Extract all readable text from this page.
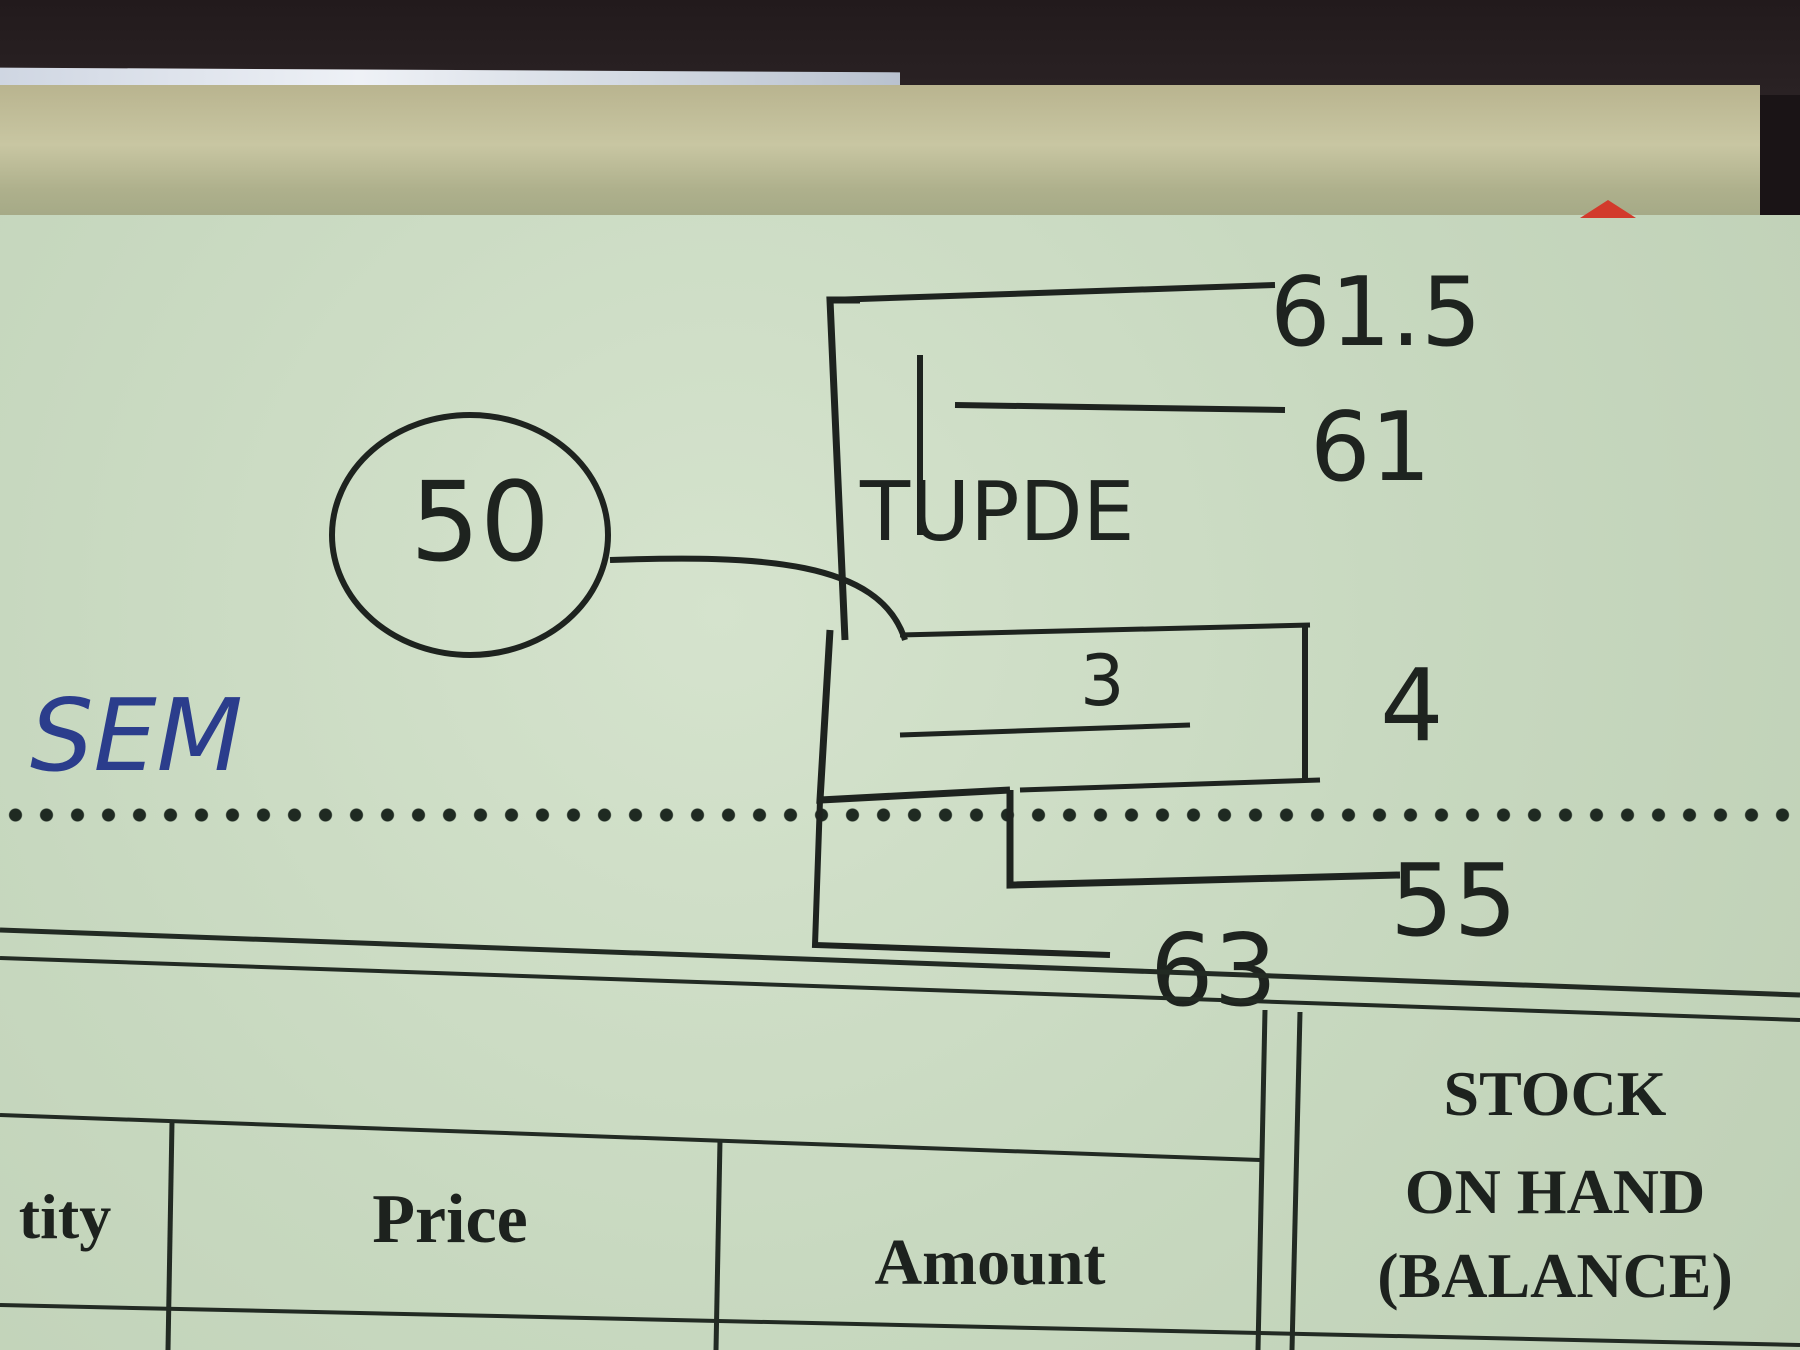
50	TUPDE
3
61.5
61
4
55
63
SEM
tity	Price
Amount
STOCK
ON HAND
(BALANCE)
